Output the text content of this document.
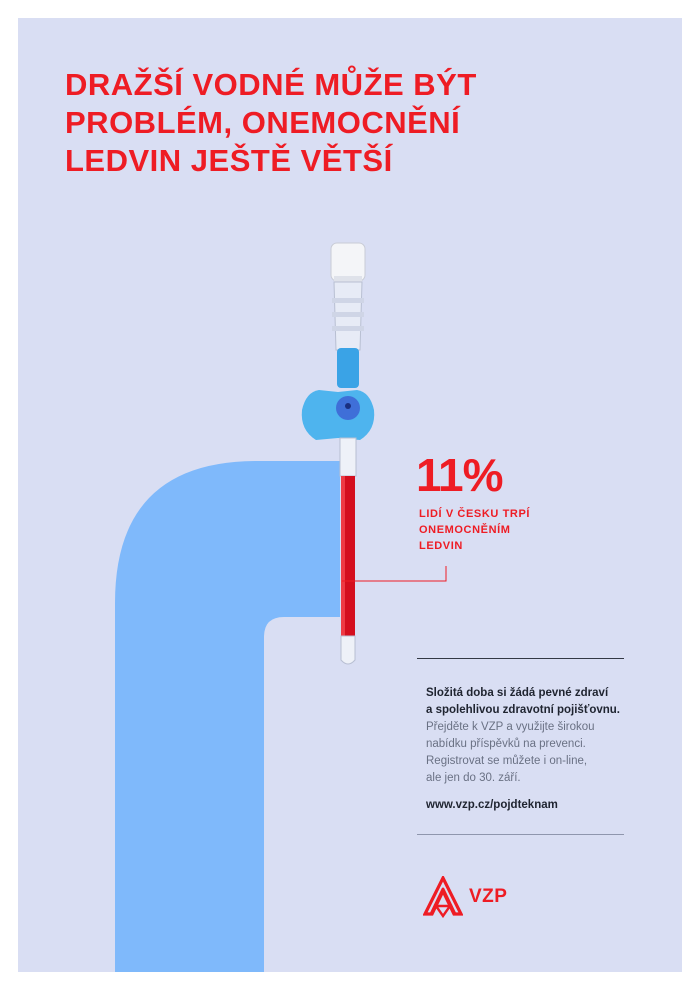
DRAŽŠÍ VODNÉ MŮŽE BÝT
PROBLÉM, ONEMOCNĚNÍ
LEDVIN JEŠTĚ VĚTŠÍ
11%
LIDÍ V ČESKU TRPÍ
ONEMOCNĚNÍM
LEDVIN
Složitá doba si žádá pevné zdraví
a spolehlivou zdravotní pojišťovnu.
Přejděte k VZP a využijte širokou
nabídku příspěvků na prevenci.
Registrovat se můžete i on-line,
ale jen do 30. září.
www.vzp.cz/pojdteknam
VZP
